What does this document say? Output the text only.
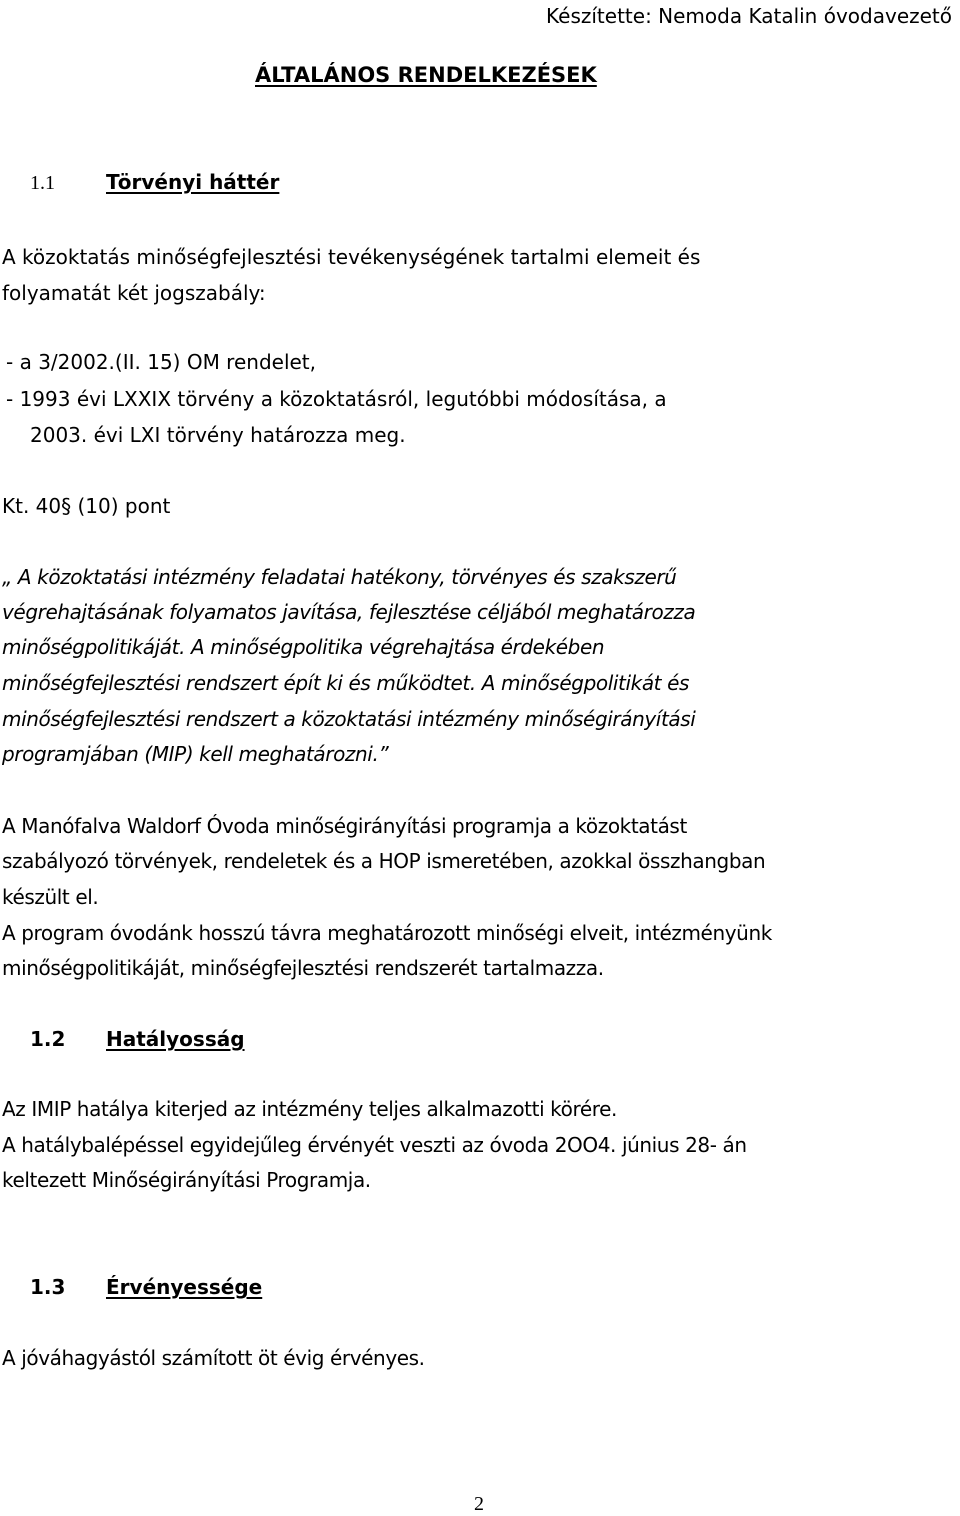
Készítette: Nemoda Katalin óvodavezető
ÁLTALÁNOS RENDELKEZÉSEK
1.1	Törvényi háttér
A közoktatás minőségfejlesztési tevékenységének tartalmi elemeit és
folyamatát két jogszabály:
- a 3/2002.(II. 15) OM rendelet,
- 1993 évi LXXIX törvény a közoktatásról, legutóbbi módosítása, a
2003. évi LXI törvény határozza meg.
Kt. 40§ (10) pont
„ A közoktatási intézmény feladatai hatékony, törvényes és szakszerű
végrehajtásának folyamatos javítása, fejlesztése céljából meghatározza
minőségpolitikáját. A minőségpolitika végrehajtása érdekében
minőségfejlesztési rendszert épít ki és működtet. A minőségpolitikát és
minőségfejlesztési rendszert a közoktatási intézmény minőségirányítási
programjában (MIP) kell meghatározni.”
A Manófalva Waldorf Óvoda minőségirányítási programja a közoktatást
szabályozó törvények, rendeletek és a HOP ismeretében, azokkal összhangban
készült el.
A program óvodánk hosszú távra meghatározott minőségi elveit, intézményünk
minőségpolitikáját, minőségfejlesztési rendszerét tartalmazza.
1.2 Hatályosság
Az IMIP hatálya kiterjed az intézmény teljes alkalmazotti körére.
A hatálybalépéssel egyidejűleg érvényét veszti az óvoda 2OO4. június 28- án
keltezett Minőségirányítási Programja.
1.3 Érvényessége
A jóváhagyástól számított öt évig érvényes.
2
